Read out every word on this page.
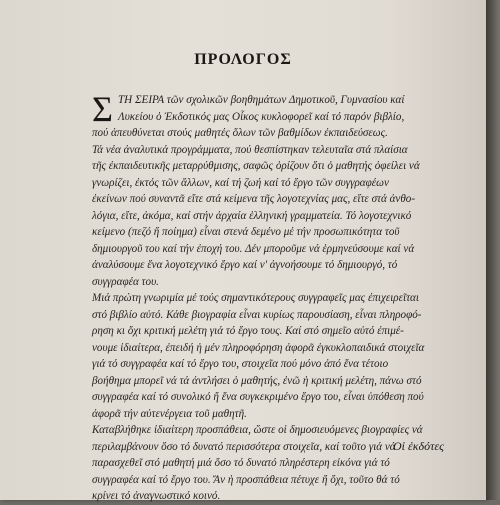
ΠΡΟΛΟΓΟΣ
Σ ΤΗ ΣΕΙΡΑ τῶν σχολικῶν βοηθημάτων Δημοτικοῦ, Γυμνασίου καί
Λυκείου ὁ Ἐκδοτικός μας Οἶκος κυκλοφορεῖ καί τό παρόν βιβλίο,
πού ἀπευθύνεται στούς μαθητές ὅλων τῶν βαθμίδων ἐκπαιδεύσεως.
Τά νέα ἀναλυτικά προγράμματα, πού θεσπίστηκαν τελευταῖα στά πλαίσια
τῆς ἐκπαιδευτικῆς μεταρρύθμισης, σαφῶς ὁρίζουν ὅτι ὁ μαθητής ὀφείλει νά
γνωρίζει, ἐκτός τῶν ἄλλων, καί τή ζωή καί τό ἔργο τῶν συγγραφέων
ἐκείνων πού συναντᾶ εἴτε στά κείμενα τῆς λογοτεχνίας μας, εἴτε στά ἀνθο-
λόγια, εἴτε, ἀκόμα, καί στήν ἀρχαία ἑλληνική γραμματεία. Τό λογοτεχνικό
κείμενο (πεζό ἤ ποίημα) εἶναι στενά δεμένο μέ τήν προσωπικότητα τοῦ
δημιουργοῦ του καί τήν ἐποχή του. Δέν μποροῦμε νά ἑρμηνεύσουμε καί νά
ἀναλύσουμε ἕνα λογοτεχνικό ἔργο καί ν' ἀγνοήσουμε τό δημιουργό, τό
συγγραφέα του.
Μιά πρώτη γνωριμία μέ τούς σημαντικότερους συγγραφεῖς μας ἐπιχειρεῖται
στό βιβλίο αὐτό. Κάθε βιογραφία εἶναι κυρίως παρουσίαση, εἶναι πληροφό-
ρηση κι ὄχι κριτική μελέτη γιά τό ἔργο τους. Καί στό σημεῖο αὐτό ἐπιμέ-
νουμε ἰδιαίτερα, ἐπειδή ἡ μέν πληροφόρηση ἀφορᾶ ἐγκυκλοπαιδικά στοιχεῖα
γιά τό συγγραφέα καί τό ἔργο του, στοιχεῖα πού μόνο ἀπό ἕνα τέτοιο
βοήθημα μπορεῖ νά τά ἀντλήσει ὁ μαθητής, ἐνῶ ἡ κριτική μελέτη, πάνω στό
συγγραφέα καί τό συνολικό ἤ ἕνα συγκεκριμένο ἔργο του, εἶναι ὑπόθεση πού
ἀφορᾶ τήν αὐτενέργεια τοῦ μαθητῆ.
Καταβλήθηκε ἰδιαίτερη προσπάθεια, ὥστε οἱ δημοσιευόμενες βιογραφίες νά
περιλαμβάνουν ὅσο τό δυνατό περισσότερα στοιχεῖα, καί τοῦτο γιά νά
παρασχεθεῖ στό μαθητή μιά ὅσο τό δυνατό πληρέστερη εἰκόνα γιά τό
συγγραφέα καί τό ἔργο του. Ἄν ἡ προσπάθεια πέτυχε ἤ ὄχι, τοῦτο θά τό
κρίνει τό ἀναγνωστικό κοινό.
Οἱ ἐκδότες
